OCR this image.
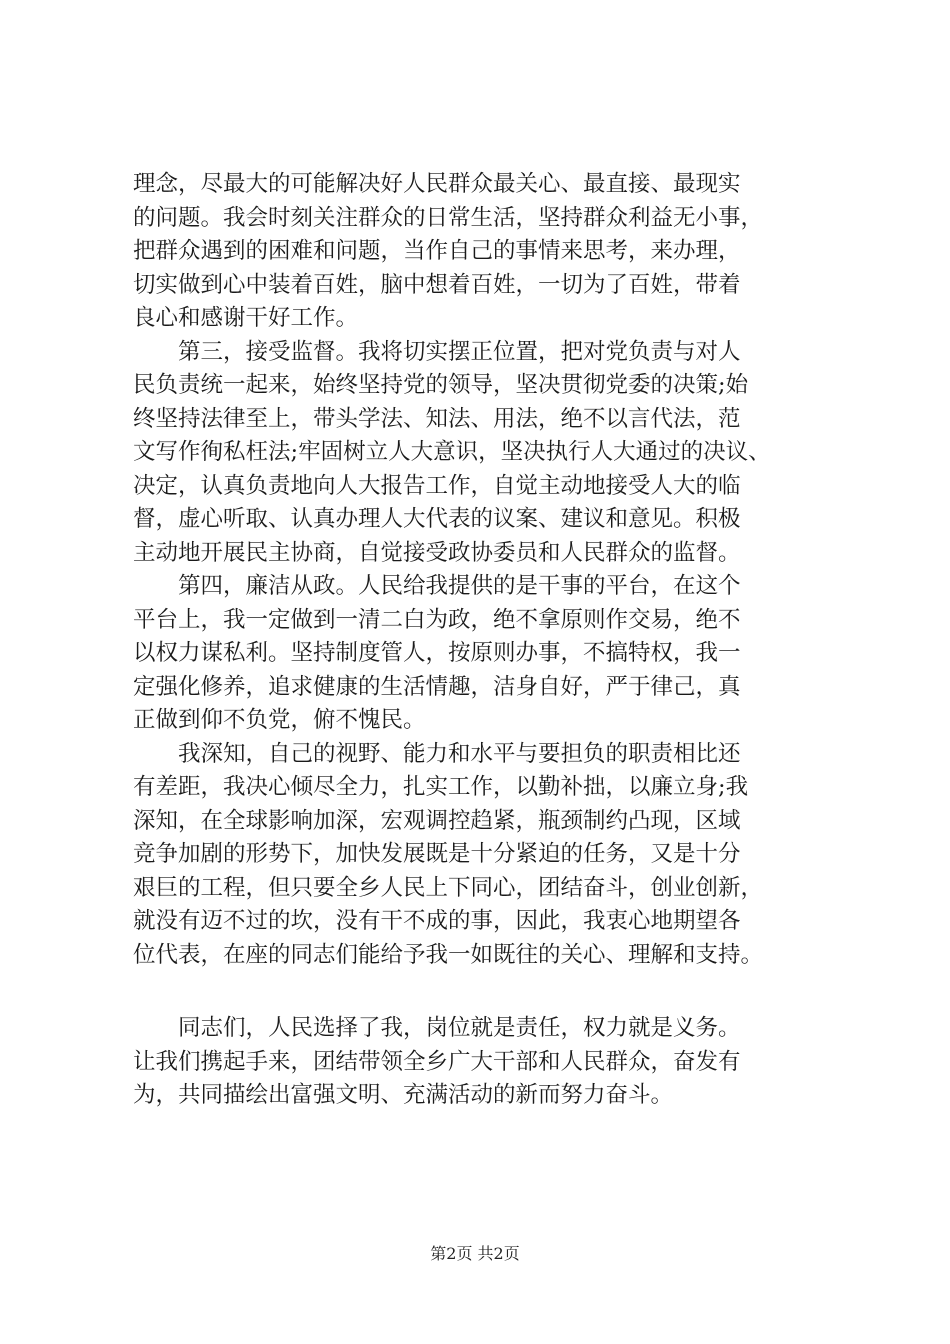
理念，尽最大的可能解决好人民群众最关心、最直接、最现实
的问题。我会时刻关注群众的日常生活，坚持群众利益无小事，
把群众遇到的困难和问题，当作自己的事情来思考，来办理，
切实做到心中装着百姓，脑中想着百姓，一切为了百姓，带着
良心和感谢干好工作。
　　第三，接受监督。我将切实摆正位置，把对党负责与对人
民负责统一起来，始终坚持党的领导，坚决贯彻党委的决策;始
终坚持法律至上，带头学法、知法、用法，绝不以言代法，范
文写作徇私枉法;牢固树立人大意识，坚决执行人大通过的决议、
决定，认真负责地向人大报告工作，自觉主动地接受人大的临
督，虚心听取、认真办理人大代表的议案、建议和意见。积极
主动地开展民主协商，自觉接受政协委员和人民群众的监督。
　　第四，廉洁从政。人民给我提供的是干事的平台，在这个
平台上，我一定做到一清二白为政，绝不拿原则作交易，绝不
以权力谋私利。坚持制度管人，按原则办事，不搞特权，我一
定强化修养，追求健康的生活情趣，洁身自好，严于律己，真
正做到仰不负党，俯不愧民。
　　我深知，自己的视野、能力和水平与要担负的职责相比还
有差距，我决心倾尽全力，扎实工作，以勤补拙，以廉立身;我
深知，在全球影响加深，宏观调控趋紧，瓶颈制约凸现，区域
竞争加剧的形势下，加快发展既是十分紧迫的任务，又是十分
艰巨的工程，但只要全乡人民上下同心，团结奋斗，创业创新，
就没有迈不过的坎，没有干不成的事，因此，我衷心地期望各
位代表，在座的同志们能给予我一如既往的关心、理解和支持。
　　同志们，人民选择了我，岗位就是责任，权力就是义务。
让我们携起手来，团结带领全乡广大干部和人民群众，奋发有
为，共同描绘出富强文明、充满活动的新而努力奋斗。
第2页 共2页
